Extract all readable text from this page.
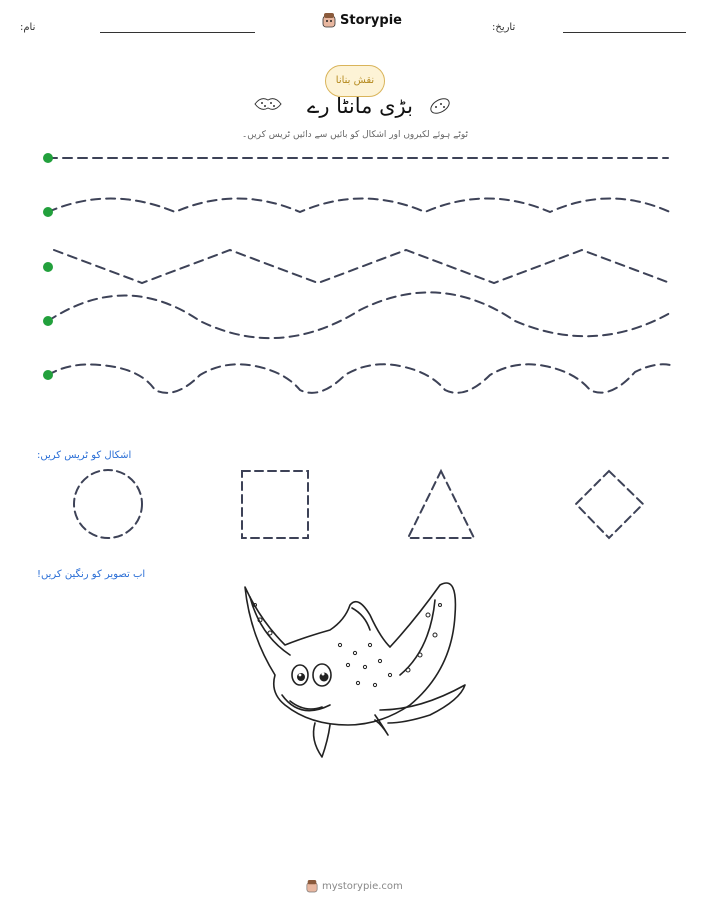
نام:	Storypie	تاریخ:
نقش بنانا
بڑی مانٹا رے
ٹوٹے ہوئے لکیروں اور اشکال کو بائیں سے دائیں ٹریس کریں۔
اشکال کو ٹریس کریں:
اب تصویر کو رنگین کریں!
mystorypie.com
